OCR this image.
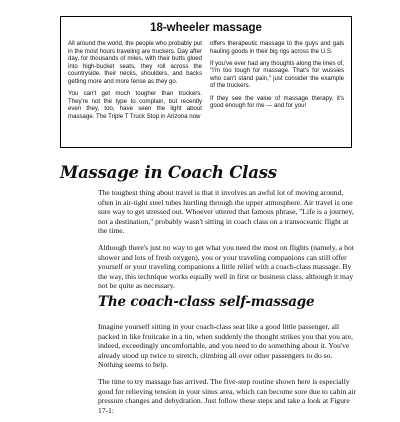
18-wheeler massage

All around the world, the people who probably put in the most hours traveling are truckers. Day after day, for thousands of miles, with their butts glued into high-bucket seats, they roll across the countryside, their necks, shoulders, and backs getting more and more tense as they go.

You can't get much tougher than truckers. They're not the type to complain, but recently even they, too, have seen the light about massage. The Triple T Truck Stop in Arizona now

offers therapeutic massage to the guys and gals hauling goods in their big rigs across the U.S.

If you've ever had any thoughts along the lines of, "I'm too tough for massage. That's for wussies who can't stand pain," just consider the example of the truckers.

If they see the value of massage therapy, it's good enough for me — and for you!

Massage in Coach Class

The toughest thing about travel is that it involves an awful lot of moving around, often in air-tight steel tubes hurtling through the upper atmosphere. Air travel is one sure way to get stressed out. Whoever uttered that famous phrase, "Life is a journey, not a destination," probably wasn't sitting in coach class on a transoceanic flight at the time.

Although there's just no way to get what you need the most on flights (namely, a hot shower and lots of fresh oxygen), you or your traveling companions can still offer yourself or your traveling companions a little relief with a coach-class massage. By the way, this technique works equally well in first or business class, although it may not be quite as necessary.

The coach-class self-massage

Imagine yourself sitting in your coach-class seat like a good little passenger, all packed in like fruitcake in a tin, when suddenly the thought strikes you that you are, indeed, exceedingly uncomfortable, and you need to do something about it. You've already stood up twice to stretch, climbing all over other passengers to do so. Nothing seems to help.

The time to try massage has arrived. The five-step routine shown here is especially good for relieving tension in your sinus area, which can become sore due to cabin air pressure changes and dehydration. Just follow these steps and take a look at Figure 17-1:
